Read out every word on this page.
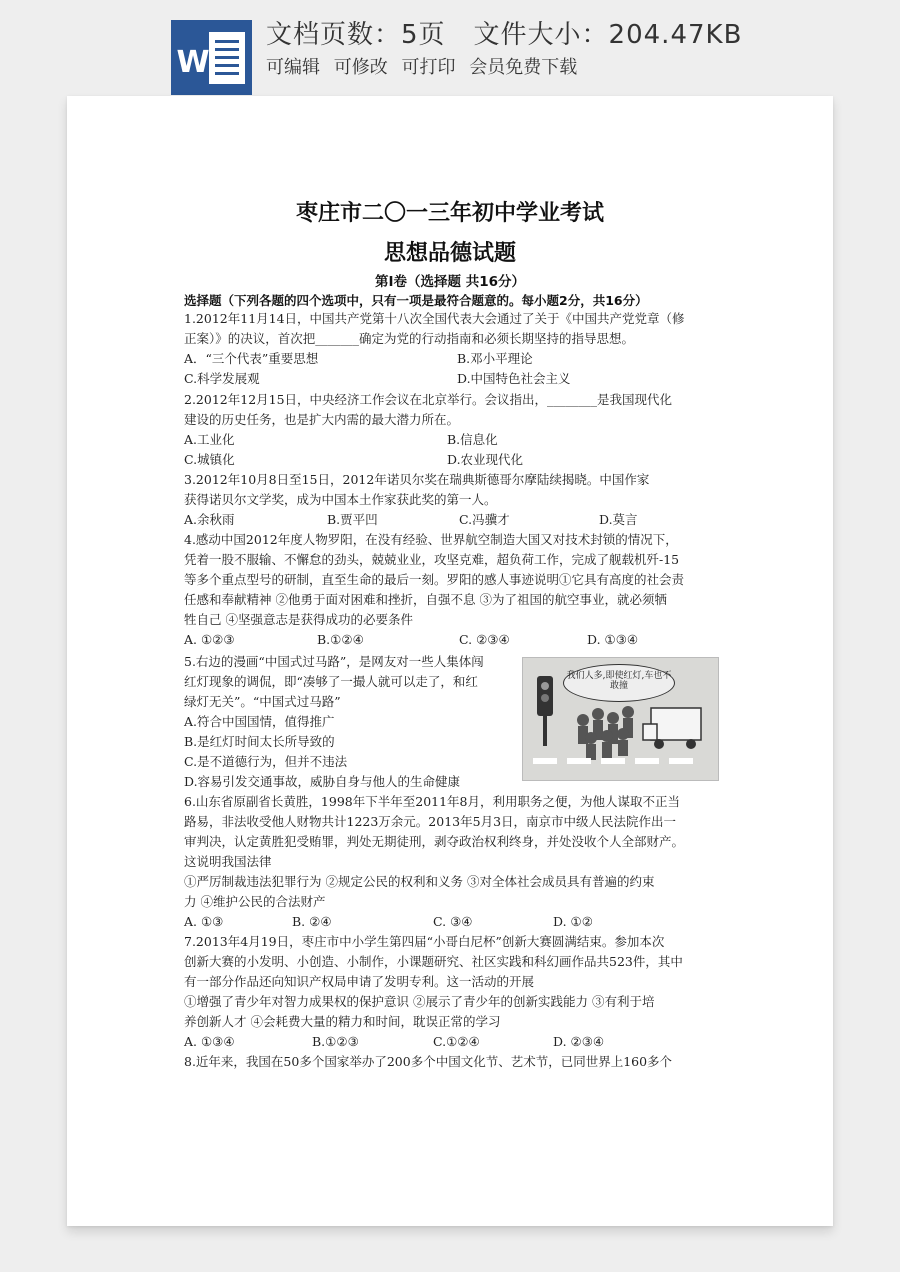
W
文档页数：5页 文件大小：204.47KB
可编辑 可修改 可打印 会员免费下载
枣庄市二〇一三年初中学业考试
思想品德试题
第Ⅰ卷（选择题 共16分）
选择题（下列各题的四个选项中，只有一项是最符合题意的。每小题2分，共16分）
1.2012年11月14日，中国共产党第十八次全国代表大会通过了关于《中国共产党党章（修
正案）》的决议，首次把_______确定为党的行动指南和必须长期坚持的指导思想。
A．“三个代表”重要思想	B.邓小平理论
C.科学发展观	D.中国特色社会主义
2.2012年12月15日，中央经济工作会议在北京举行。会议指出，________是我国现代化
建设的历史任务，也是扩大内需的最大潜力所在。
A.工业化	B.信息化
C.城镇化	D.农业现代化
3.2012年10月8日至15日，2012年诺贝尔奖在瑞典斯德哥尔摩陆续揭晓。中国作家
获得诺贝尔文学奖，成为中国本土作家获此奖的第一人。
A.余秋雨	B.贾平凹	C.冯骥才	D.莫言
4.感动中国2012年度人物罗阳，在没有经验、世界航空制造大国又对技术封锁的情况下，
凭着一股不服输、不懈怠的劲头，兢兢业业，攻坚克难，超负荷工作，完成了舰载机歼-15
等多个重点型号的研制，直至生命的最后一刻。罗阳的感人事迹说明①它具有高度的社会责
任感和奉献精神 ②他勇于面对困难和挫折，自强不息 ③为了祖国的航空事业，就必须牺
牲自己 ④坚强意志是获得成功的必要条件
A. ①②③	B.①②④	C. ②③④	D. ①③④
5.右边的漫画“中国式过马路”，是网友对一些人集体闯
红灯现象的调侃，即“凑够了一撮人就可以走了，和红
绿灯无关”。“中国式过马路”
A.符合中国国情，值得推广
B.是红灯时间太长所导致的
C.是不道德行为，但并不违法
D.容易引发交通事故，威胁自身与他人的生命健康
我们人多,即使红灯,车也不敢撞
6.山东省原副省长黄胜，1998年下半年至2011年8月，利用职务之便，为他人谋取不正当
路易，非法收受他人财物共计1223万余元。2013年5月3日，南京市中级人民法院作出一
审判决，认定黄胜犯受贿罪，判处无期徒刑，剥夺政治权利终身，并处没收个人全部财产。
这说明我国法律
①严厉制裁违法犯罪行为 ②规定公民的权利和义务 ③对全体社会成员具有普遍的约束
力 ④维护公民的合法财产
A. ①③	B. ②④	C. ③④	D. ①②
7.2013年4月19日，枣庄市中小学生第四届“小哥白尼杯”创新大赛圆满结束。参加本次
创新大赛的小发明、小创造、小制作，小课题研究、社区实践和科幻画作品共523件，其中
有一部分作品还向知识产权局申请了发明专利。这一活动的开展
①增强了青少年对智力成果权的保护意识 ②展示了青少年的创新实践能力 ③有利于培
养创新人才 ④会耗费大量的精力和时间，耽误正常的学习
A. ①③④	B.①②③	C.①②④	D. ②③④
8.近年来，我国在50多个国家举办了200多个中国文化节、艺术节，已同世界上160多个
